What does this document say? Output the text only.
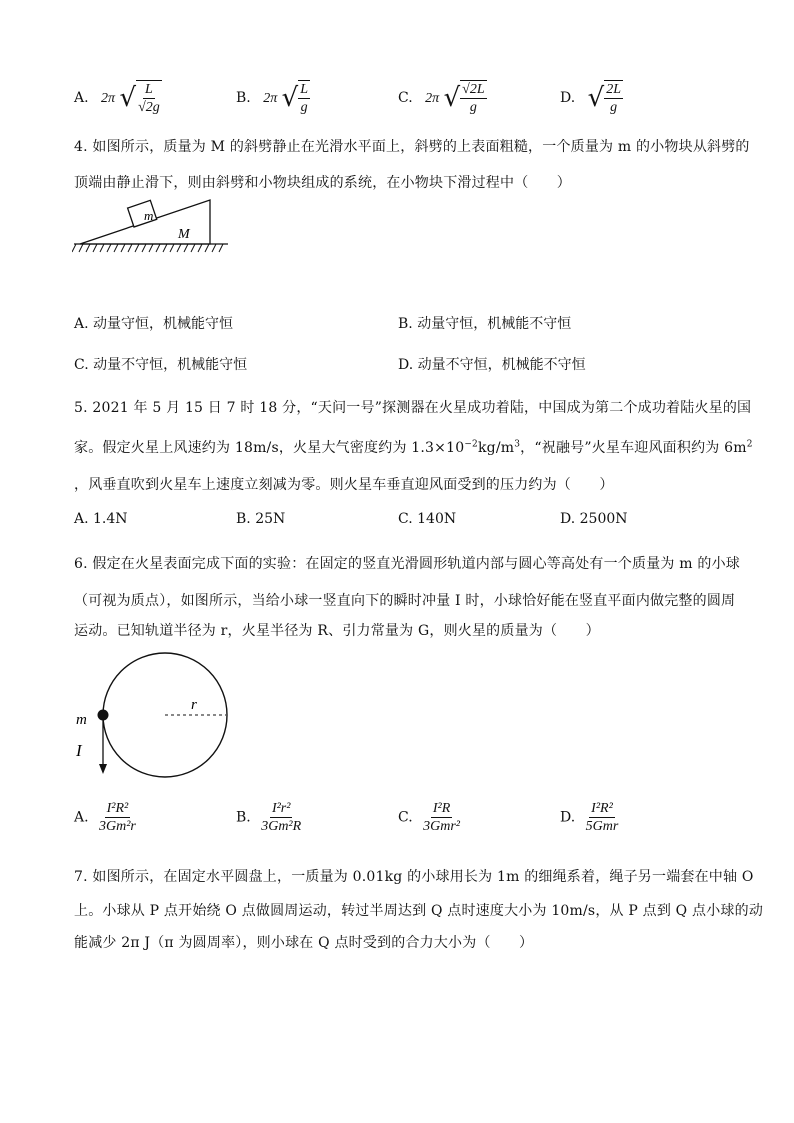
A. 2π √ $\frac{L}{√2g}$	B. 2π √ $\frac{L}{g}$	C. 2π √ $\frac{√2L}{g}$	D. √ $\frac{2L}{g}$
4. 如图所示，质量为 M 的斜劈静止在光滑水平面上，斜劈的上表面粗糙，一个质量为 m 的小物块从斜劈的
顶端由静止滑下，则由斜劈和小物块组成的系统，在小物块下滑过程中（　　）
m
M
A. 动量守恒，机械能守恒	B. 动量守恒，机械能不守恒
C. 动量不守恒，机械能守恒	D. 动量不守恒，机械能不守恒
5. 2021 年 5 月 15 日 7 时 18 分，“天问一号”探测器在火星成功着陆，中国成为第二个成功着陆火星的国
家。假定火星上风速约为 18m/s，火星大气密度约为 $1.3\times 10^{-2}kg/m^3$，“祝融号”火星车迎风面积约为 $6m^2$
，风垂直吹到火星车上速度立刻减为零。则火星车垂直迎风面受到的压力约为（　　）
A. 1.4N	B. 25N	C. 140N	D. 2500N
6. 假定在火星表面完成下面的实验：在固定的竖直光滑圆形轨道内部与圆心等高处有一个质量为 m 的小球
（可视为质点），如图所示，当给小球一竖直向下的瞬时冲量 I 时，小球恰好能在竖直平面内做完整的圆周
运动。已知轨道半径为 r，火星半径为 R、引力常量为 G，则火星的质量为（　　）
m
I
r
A. $\frac{\text{I²R²}}{\text{3Gm²r}}$	B. $\frac{\text{I²r²}}{\text{3Gm²R}}$	C. $\frac{\text{I²R}}{\text{3Gmr²}}$	D. $\frac{\text{I²R²}}{\text{5Gmr}}$
7. 如图所示，在固定水平圆盘上，一质量为 0.01kg 的小球用长为 1m 的细绳系着，绳子另一端套在中轴 O
上。小球从 P 点开始绕 O 点做圆周运动，转过半周达到 Q 点时速度大小为 10m/s，从 P 点到 Q 点小球的动
能减少 2π J（π 为圆周率），则小球在 Q 点时受到的合力大小为（　　）
